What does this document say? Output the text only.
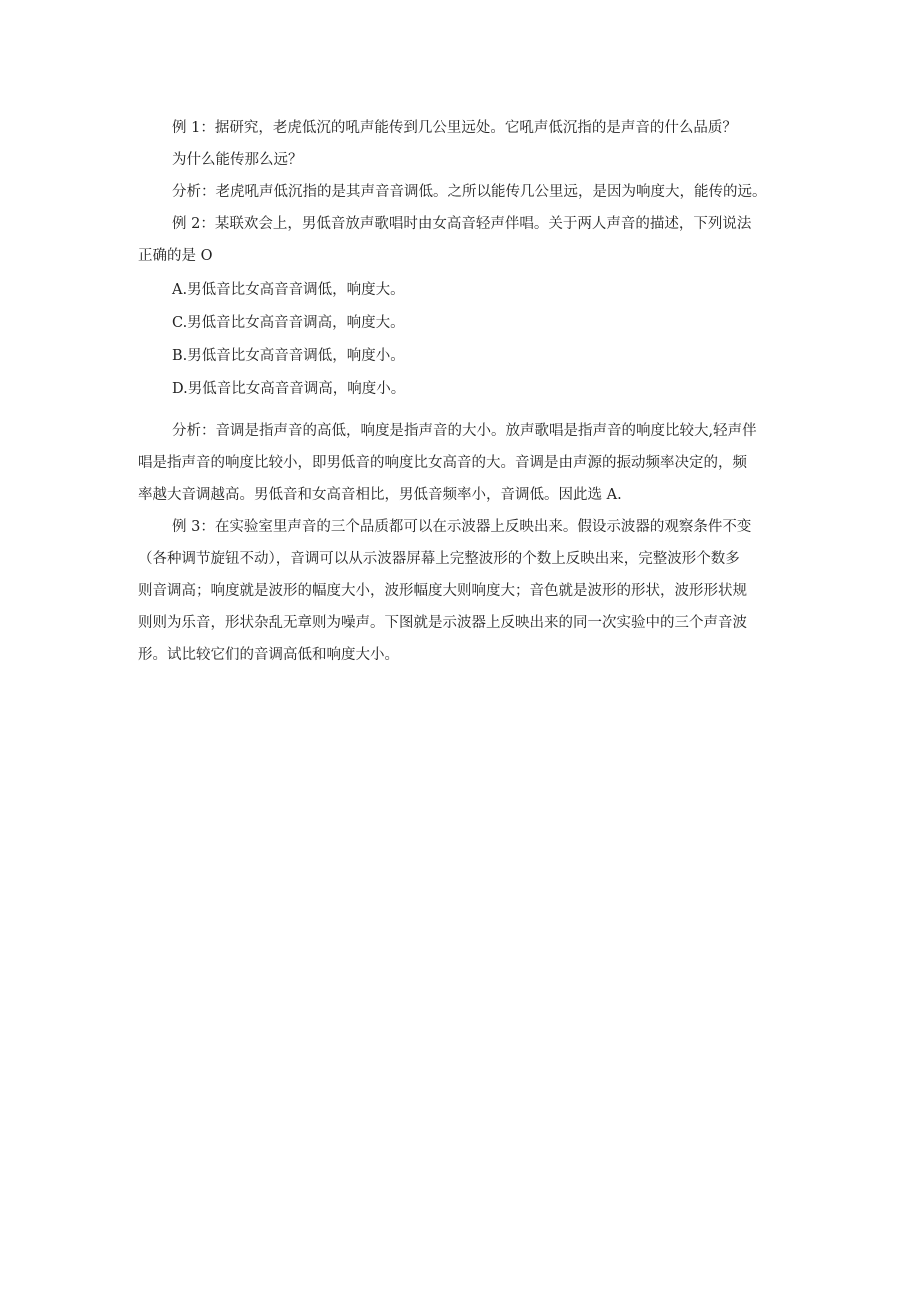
例 1：据研究，老虎低沉的吼声能传到几公里远处。它吼声低沉指的是声音的什么品质？
为什么能传那么远？
分析：老虎吼声低沉指的是其声音音调低。之所以能传几公里远，是因为响度大，能传的远。
例 2：某联欢会上，男低音放声歌唱时由女高音轻声伴唱。关于两人声音的描述，下列说法
正确的是 O
A.男低音比女高音音调低，响度大。
C.男低音比女高音音调高，响度大。
B.男低音比女高音音调低，响度小。
D.男低音比女高音音调高，响度小。
分析：音调是指声音的高低，响度是指声音的大小。放声歌唱是指声音的响度比较大,轻声伴
唱是指声音的响度比较小，即男低音的响度比女高音的大。音调是由声源的振动频率决定的，频
率越大音调越高。男低音和女高音相比，男低音频率小，音调低。因此选 A.
例 3：在实验室里声音的三个品质都可以在示波器上反映出来。假设示波器的观察条件不变
（各种调节旋钮不动），音调可以从示波器屏幕上完整波形的个数上反映出来，完整波形个数多
则音调高；响度就是波形的幅度大小，波形幅度大则响度大；音色就是波形的形状，波形形状规
则则为乐音，形状杂乱无章则为噪声。下图就是示波器上反映出来的同一次实验中的三个声音波
形。试比较它们的音调高低和响度大小。
